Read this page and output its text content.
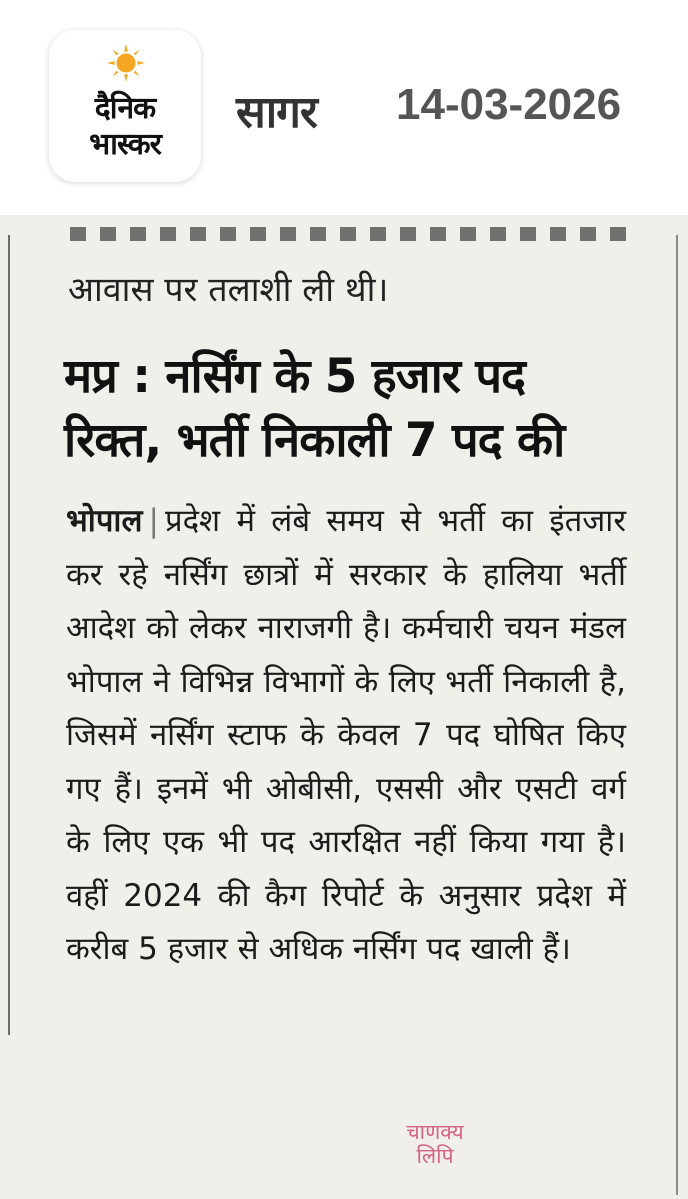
दैनिक
भास्कर
सागर 14-03-2026
आवास पर तलाशी ली थी।
मप्र : नर्सिंग के 5 हजार पद
रिक्त, भर्ती निकाली 7 पद की
भोपाल | प्रदेश में लंबे समय से भर्ती का इंतजार कर रहे नर्सिंग छात्रों में सरकार के हालिया भर्ती आदेश को लेकर नाराजगी है। कर्मचारी चयन मंडल भोपाल ने विभिन्न विभागों के लिए भर्ती निकाली है, जिसमें नर्सिंग स्टाफ के केवल 7 पद घोषित किए गए हैं। इनमें भी ओबीसी, एससी और एसटी वर्ग के लिए एक भी पद आरक्षित नहीं किया गया है। वहीं 2024 की कैग रिपोर्ट के अनुसार प्रदेश में करीब 5 हजार से अधिक नर्सिंग पद खाली हैं।
चाणक्य
लिपि
